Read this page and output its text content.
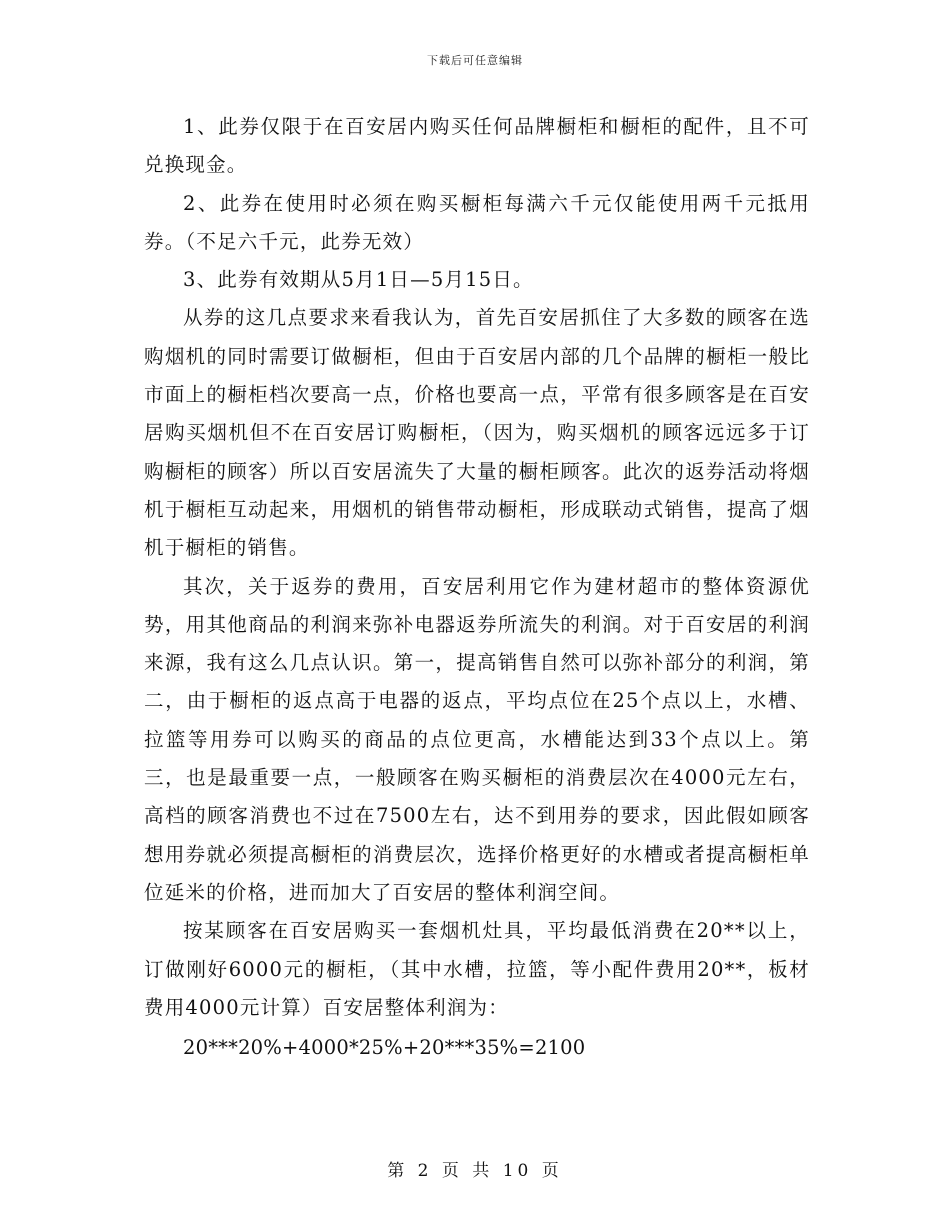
下载后可任意编辑

1、此券仅限于在百安居内购买任何品牌橱柜和橱柜的配件，且不可兑换现金。

2、此券在使用时必须在购买橱柜每满六千元仅能使用两千元抵用券。（不足六千元，此券无效）

3、此券有效期从5月1日—5月15日。

从券的这几点要求来看我认为，首先百安居抓住了大多数的顾客在选购烟机的同时需要订做橱柜，但由于百安居内部的几个品牌的橱柜一般比市面上的橱柜档次要高一点，价格也要高一点，平常有很多顾客是在百安居购买烟机但不在百安居订购橱柜，（因为，购买烟机的顾客远远多于订购橱柜的顾客）所以百安居流失了大量的橱柜顾客。此次的返券活动将烟机于橱柜互动起来，用烟机的销售带动橱柜，形成联动式销售，提高了烟机于橱柜的销售。

其次，关于返券的费用，百安居利用它作为建材超市的整体资源优势，用其他商品的利润来弥补电器返券所流失的利润。对于百安居的利润来源，我有这么几点认识。第一，提高销售自然可以弥补部分的利润，第二，由于橱柜的返点高于电器的返点，平均点位在25个点以上，水槽、拉篮等用券可以购买的商品的点位更高，水槽能达到33个点以上。第三，也是最重要一点，一般顾客在购买橱柜的消费层次在4000元左右，高档的顾客消费也不过在7500左右，达不到用券的要求，因此假如顾客想用券就必须提高橱柜的消费层次，选择价格更好的水槽或者提高橱柜单位延米的价格，进而加大了百安居的整体利润空间。

按某顾客在百安居购买一套烟机灶具，平均最低消费在20**以上，订做刚好6000元的橱柜，（其中水槽，拉篮，等小配件费用20**，板材费用4000元计算）百安居整体利润为：

20***20%+4000*25%+20***35%=2100

第 2 页 共 10 页
